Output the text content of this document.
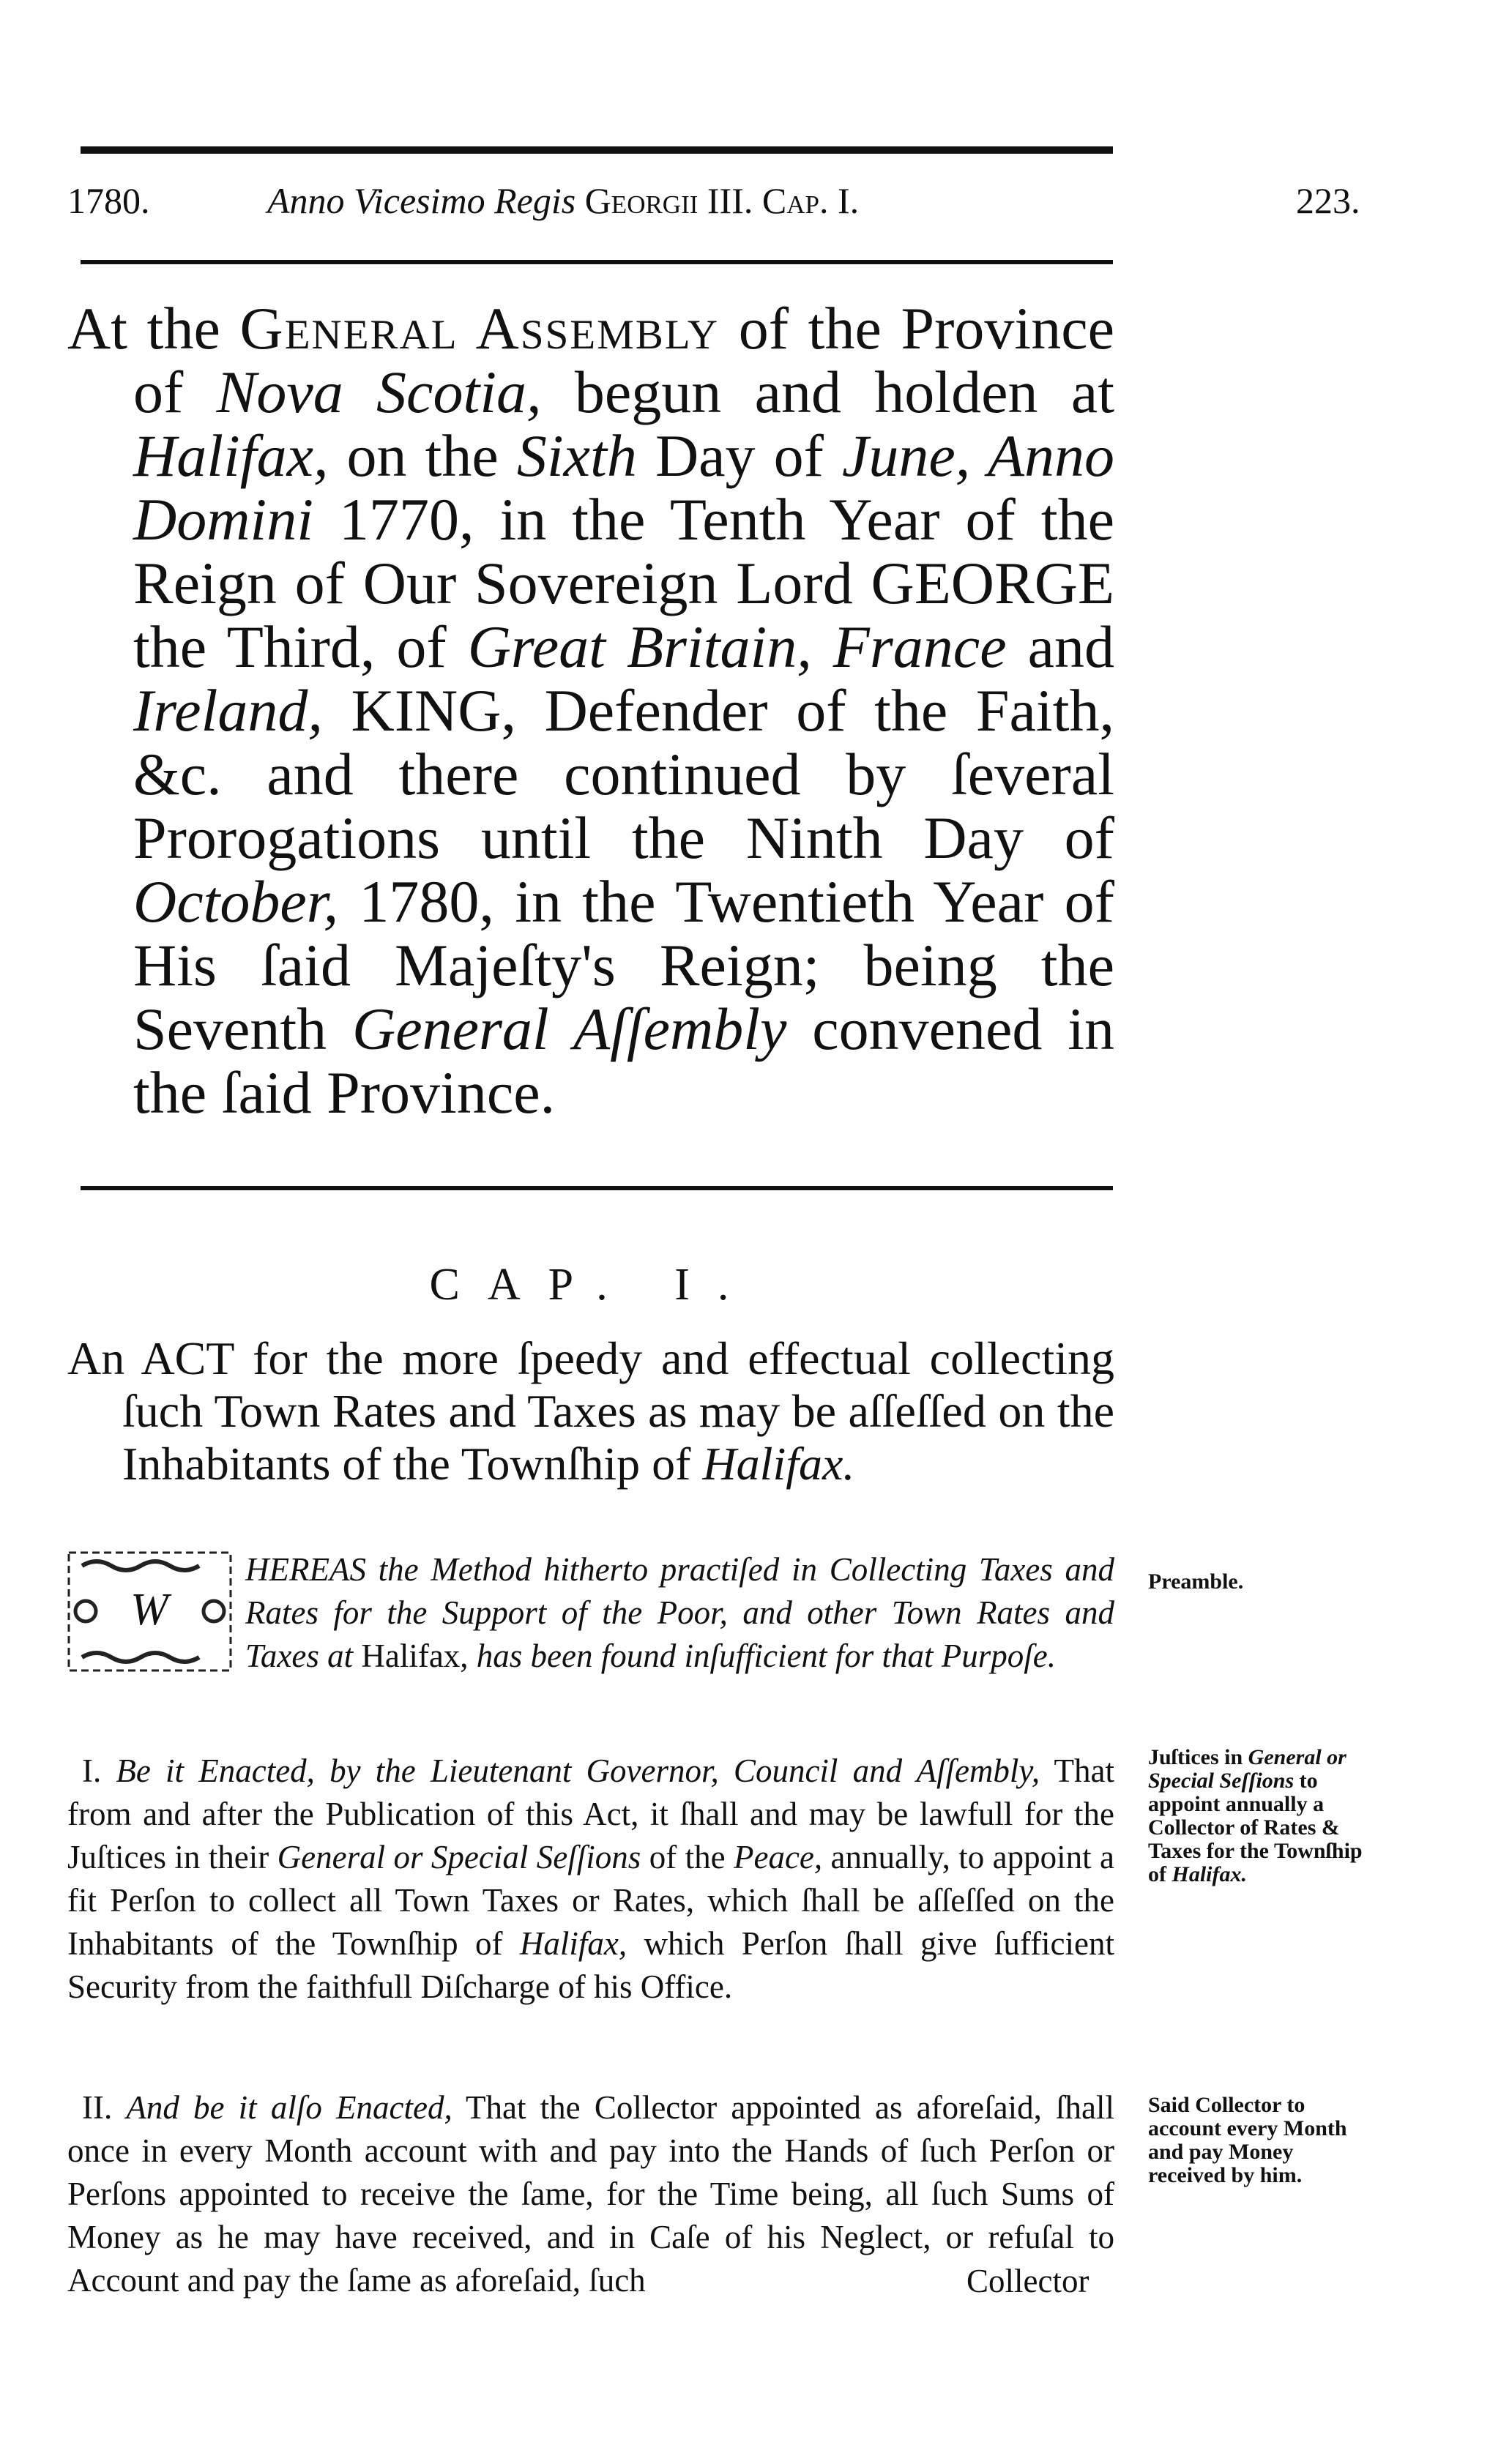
1780.	Anno Vicesimo Regis Georgii III. Cap. I.	223.
At the General Assembly of the Province of Nova Scotia, begun and holden at Halifax, on the Sixth Day of June, Anno Domini 1770, in the Tenth Year of the Reign of Our Sovereign Lord GEORGE the Third, of Great Britain, France and Ireland, KING, Defender of the Faith, &c. and there continued by ſeveral Prorogations until the Ninth Day of October, 1780, in the Twentieth Year of His ſaid Majeſty's Reign; being the Seventh General Aſſembly convened in the ſaid Province.
CAP. I.
An ACT for the more ſpeedy and effectual collecting ſuch Town Rates and Taxes as may be aſſeſſed on the Inhabitants of the Townſhip of Halifax.
W
HEREAS the Method hitherto practiſed in Collecting Taxes and Rates for the Support of the Poor, and other Town Rates and Taxes at Halifax, has been found inſufficient for that Purpoſe.
I. Be it Enacted, by the Lieutenant Governor, Council and Aſſembly, That from and after the Publication of this Act, it ſhall and may be lawfull for the Juſtices in their General or Special Seſſions of the Peace, annually, to appoint a fit Perſon to collect all Town Taxes or Rates, which ſhall be aſſeſſed on the Inhabitants of the Townſhip of Halifax, which Perſon ſhall give ſufficient Security from the faithfull Diſcharge of his Office.
II. And be it alſo Enacted, That the Collector appointed as aforeſaid, ſhall once in every Month account with and pay into the Hands of ſuch Perſon or Perſons appointed to receive the ſame, for the Time being, all ſuch Sums of Money as he may have received, and in Caſe of his Neglect, or refuſal to Account and pay the ſame as aforeſaid, ſuch	Collector
Preamble.
Juſtices in General or Special Seſſions to appoint annually a Collector of Rates & Taxes for the Townſhip of Halifax.
Said Collector to account every Month and pay Money received by him.
